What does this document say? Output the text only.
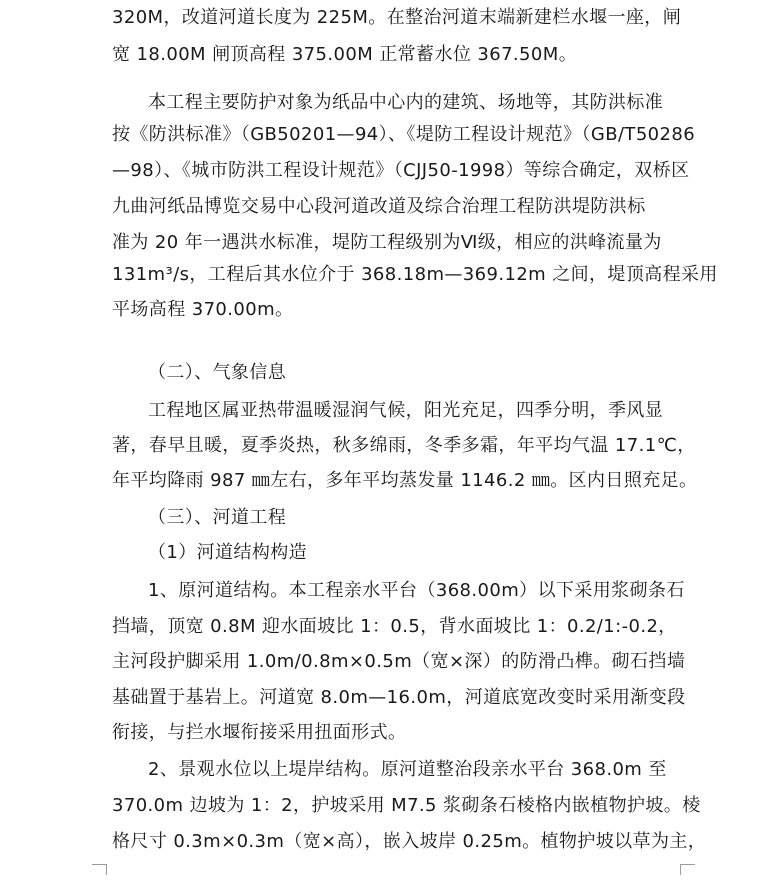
320M，改道河道长度为 225M。在整治河道末端新建栏水堰一座，闸
宽 18.00M 闸顶高程 375.00M 正常蓄水位 367.50M。
本工程主要防护对象为纸品中心内的建筑、场地等，其防洪标准
按《防洪标准》（GB50201—94）、《堤防工程设计规范》（GB/T50286
—98）、《城市防洪工程设计规范》（CJJ50-1998）等综合确定，双桥区
九曲河纸品博览交易中心段河道改道及综合治理工程防洪堤防洪标
准为 20 年一遇洪水标准，堤防工程级别为Ⅵ级，相应的洪峰流量为
131m³/s，工程后其水位介于 368.18m—369.12m 之间，堤顶高程采用
平场高程 370.00m。
（二）、气象信息
工程地区属亚热带温暖湿润气候，阳光充足，四季分明，季风显
著，春早且暖，夏季炎热，秋多绵雨，冬季多霜，年平均气温 17.1℃，
年平均降雨 987 ㎜左右，多年平均蒸发量 1146.2 ㎜。区内日照充足。
（三）、河道工程
（1）河道结构构造
1、原河道结构。本工程亲水平台（368.00m）以下采用浆砌条石
挡墙，顶宽 0.8M 迎水面坡比 1：0.5，背水面坡比 1：0.2/1:-0.2，
主河段护脚采用 1.0m/0.8m×0.5m（宽×深）的防滑凸榫。砌石挡墙
基础置于基岩上。河道宽 8.0m—16.0m，河道底宽改变时采用渐变段
衔接，与拦水堰衔接采用扭面形式。
2、景观水位以上堤岸结构。原河道整治段亲水平台 368.0m 至
370.0m 边坡为 1：2，护坡采用 M7.5 浆砌条石棱格内嵌植物护坡。棱
格尺寸 0.3m×0.3m（宽×高），嵌入坡岸 0.25m。植物护坡以草为主，
